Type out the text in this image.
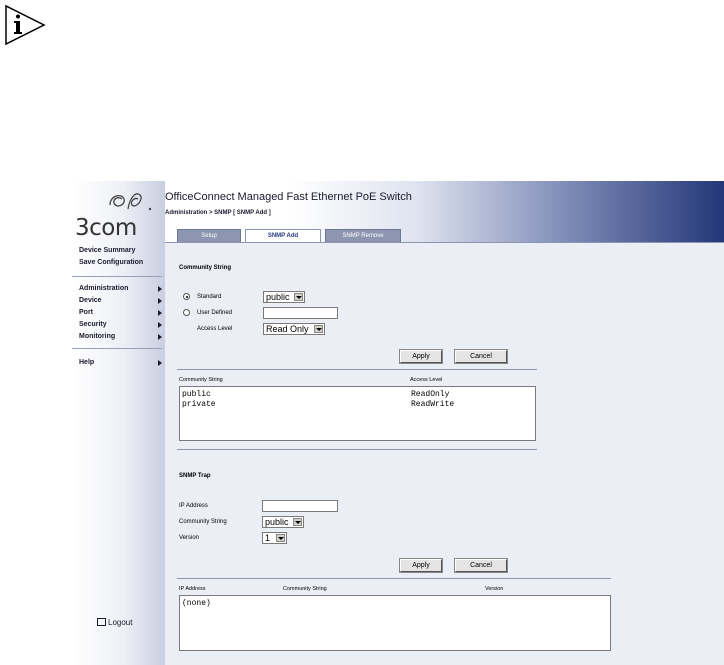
3com
Device Summary
Save Configuration
Administration
Device
Port
Security
Monitoring
Help
Logout
OfficeConnect Managed Fast Ethernet PoE Switch
Administration > SNMP [ SNMP Add ]
Setup	SNMP Add	SNMP Remove
Community String
Standard	public
User Defined
Access Level	Read Only
Apply	Cancel
Community String	Access Level
public	ReadOnly
private	ReadWrite
SNMP Trap
IP Address
Community String	public
Version	1
Apply	Cancel
IP Address	Community String	Version
(none)
